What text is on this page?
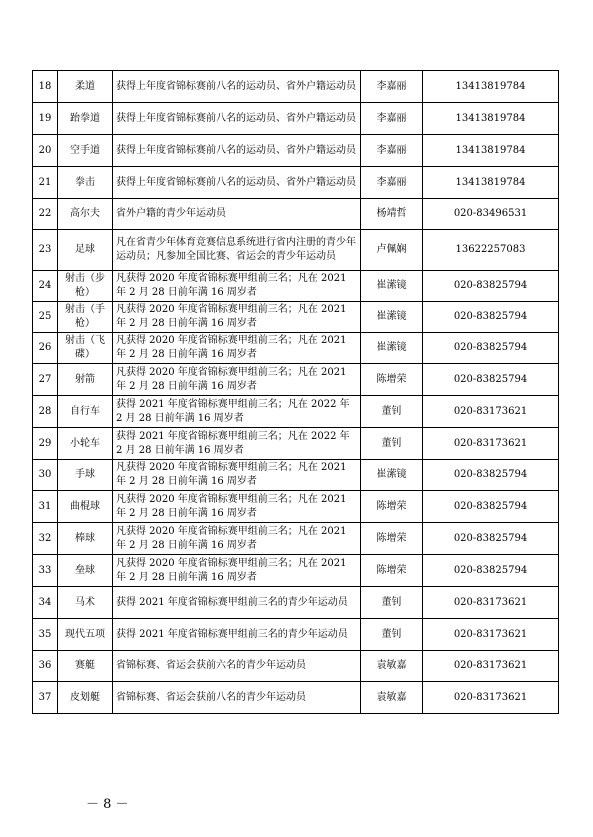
18	柔道	获得上年度省锦标赛前八名的运动员、省外户籍运动员	李嘉丽	13413819784
19	跆拳道	获得上年度省锦标赛前八名的运动员、省外户籍运动员	李嘉丽	13413819784
20	空手道	获得上年度省锦标赛前八名的运动员、省外户籍运动员	李嘉丽	13413819784
21	拳击	获得上年度省锦标赛前八名的运动员、省外户籍运动员	李嘉丽	13413819784
22	高尔夫	省外户籍的青少年运动员	杨靖哲	020-83496531
23	足球	凡在省青少年体育竞赛信息系统进行省内注册的青少年运动员；凡参加全国比赛、省运会的青少年运动员	卢佩娴	13622257083
24	射击（步枪）	凡获得 2020 年度省锦标赛甲组前三名；凡在 2021 年 2 月 28 日前年满 16 周岁者	崔潆镜	020-83825794
25	射击（手枪）	凡获得 2020 年度省锦标赛甲组前三名；凡在 2021 年 2 月 28 日前年满 16 周岁者	崔潆镜	020-83825794
26	射击（飞碟）	凡获得 2020 年度省锦标赛甲组前三名；凡在 2021 年 2 月 28 日前年满 16 周岁者	崔潆镜	020-83825794
27	射箭	凡获得 2020 年度省锦标赛甲组前三名；凡在 2021 年 2 月 28 日前年满 16 周岁者	陈增荣	020-83825794
28	自行车	获得 2021 年度省锦标赛甲组前三名；凡在 2022 年 2 月 28 日前年满 16 周岁者	董钊	020-83173621
29	小轮车	获得 2021 年度省锦标赛甲组前三名；凡在 2022 年 2 月 28 日前年满 16 周岁者	董钊	020-83173621
30	手球	凡获得 2020 年度省锦标赛甲组前三名；凡在 2021 年 2 月 28 日前年满 16 周岁者	崔潆镜	020-83825794
31	曲棍球	凡获得 2020 年度省锦标赛甲组前三名；凡在 2021 年 2 月 28 日前年满 16 周岁者	陈增荣	020-83825794
32	棒球	凡获得 2020 年度省锦标赛甲组前三名；凡在 2021 年 2 月 28 日前年满 16 周岁者	陈增荣	020-83825794
33	垒球	凡获得 2020 年度省锦标赛甲组前三名；凡在 2021 年 2 月 28 日前年满 16 周岁者	陈增荣	020-83825794
34	马术	获得 2021 年度省锦标赛甲组前三名的青少年运动员	董钊	020-83173621
35	现代五项	获得 2021 年度省锦标赛甲组前三名的青少年运动员	董钊	020-83173621
36	赛艇	省锦标赛、省运会获前六名的青少年运动员	袁敏嘉	020-83173621
37	皮划艇	省锦标赛、省运会获前八名的青少年运动员	袁敏嘉	020-83173621
－ 8 －
